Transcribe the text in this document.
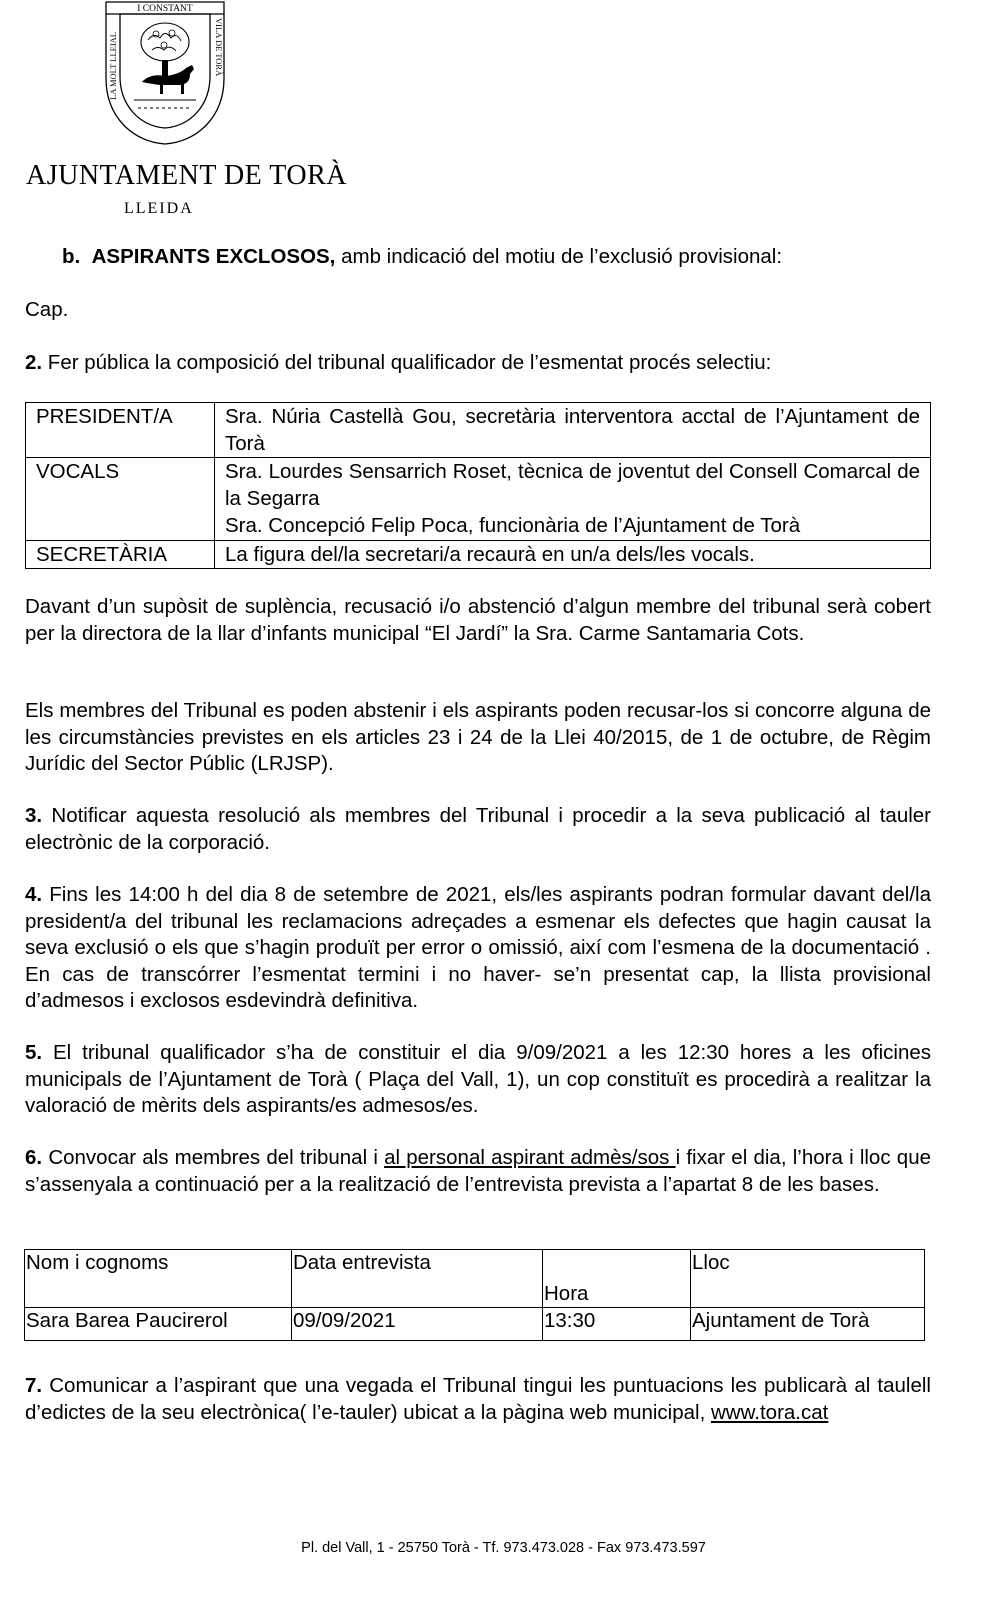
I CONSTANT
LA MOLT LLEIAL	VILA DE TORÀ
AJUNTAMENT DE TORÀ
LLEIDA
b. ASPIRANTS EXCLOSOS, amb indicació del motiu de l’exclusió provisional:
Cap.
2. Fer pública la composició del tribunal qualificador de l’esmentat procés selectiu:
PRESIDENT/A	Sra. Núria Castellà Gou, secretària interventora acctal de l’Ajuntament de Torà
VOCALS	Sra. Lourdes Sensarrich Roset, tècnica de joventut del Consell Comarcal de la Segarra
	Sra. Concepció Felip Poca, funcionària de l’Ajuntament de Torà
SECRETÀRIA	La figura del/la secretari/a recaurà en un/a dels/les vocals.
Davant d’un supòsit de suplència, recusació i/o abstenció d’algun membre del tribunal serà cobert per la directora de la llar d’infants municipal “El Jardí” la Sra. Carme Santamaria Cots.
Els membres del Tribunal es poden abstenir i els aspirants poden recusar-los si concorre alguna de les circumstàncies previstes en els articles 23 i 24 de la Llei 40/2015, de 1 de octubre, de Règim Jurídic del Sector Públic (LRJSP).
3. Notificar aquesta resolució als membres del Tribunal i procedir a la seva publicació al tauler electrònic de la corporació.
4. Fins les 14:00 h del dia 8 de setembre de 2021, els/les aspirants podran formular davant del/la president/a del tribunal les reclamacions adreçades a esmenar els defectes que hagin causat la seva exclusió o els que s’hagin produït per error o omissió, així com l’esmena de la documentació . En cas de transcórrer l’esmentat termini i no haver- se’n presentat cap, la llista provisional d’admesos i exclosos esdevindrà definitiva.
5. El tribunal qualificador s’ha de constituir el dia 9/09/2021 a les 12:30 hores a les oficines municipals de l’Ajuntament de Torà ( Plaça del Vall, 1), un cop constituït es procedirà a realitzar la valoració de mèrits dels aspirants/es admesos/es.
6. Convocar als membres del tribunal i al personal aspirant admès/sos i fixar el dia, l’hora i lloc que s’assenyala a continuació per a la realització de l’entrevista prevista a l’apartat 8 de les bases.
Nom i cognoms	Data entrevista	Hora	Lloc
Sara Barea Paucirerol	09/09/2021	13:30	Ajuntament de Torà
7. Comunicar a l’aspirant que una vegada el Tribunal tingui les puntuacions les publicarà al taulell d’edictes de la seu electrònica( l’e-tauler) ubicat a la pàgina web municipal, www.tora.cat
Pl. del Vall, 1 - 25750 Torà - Tf. 973.473.028 - Fax 973.473.597
